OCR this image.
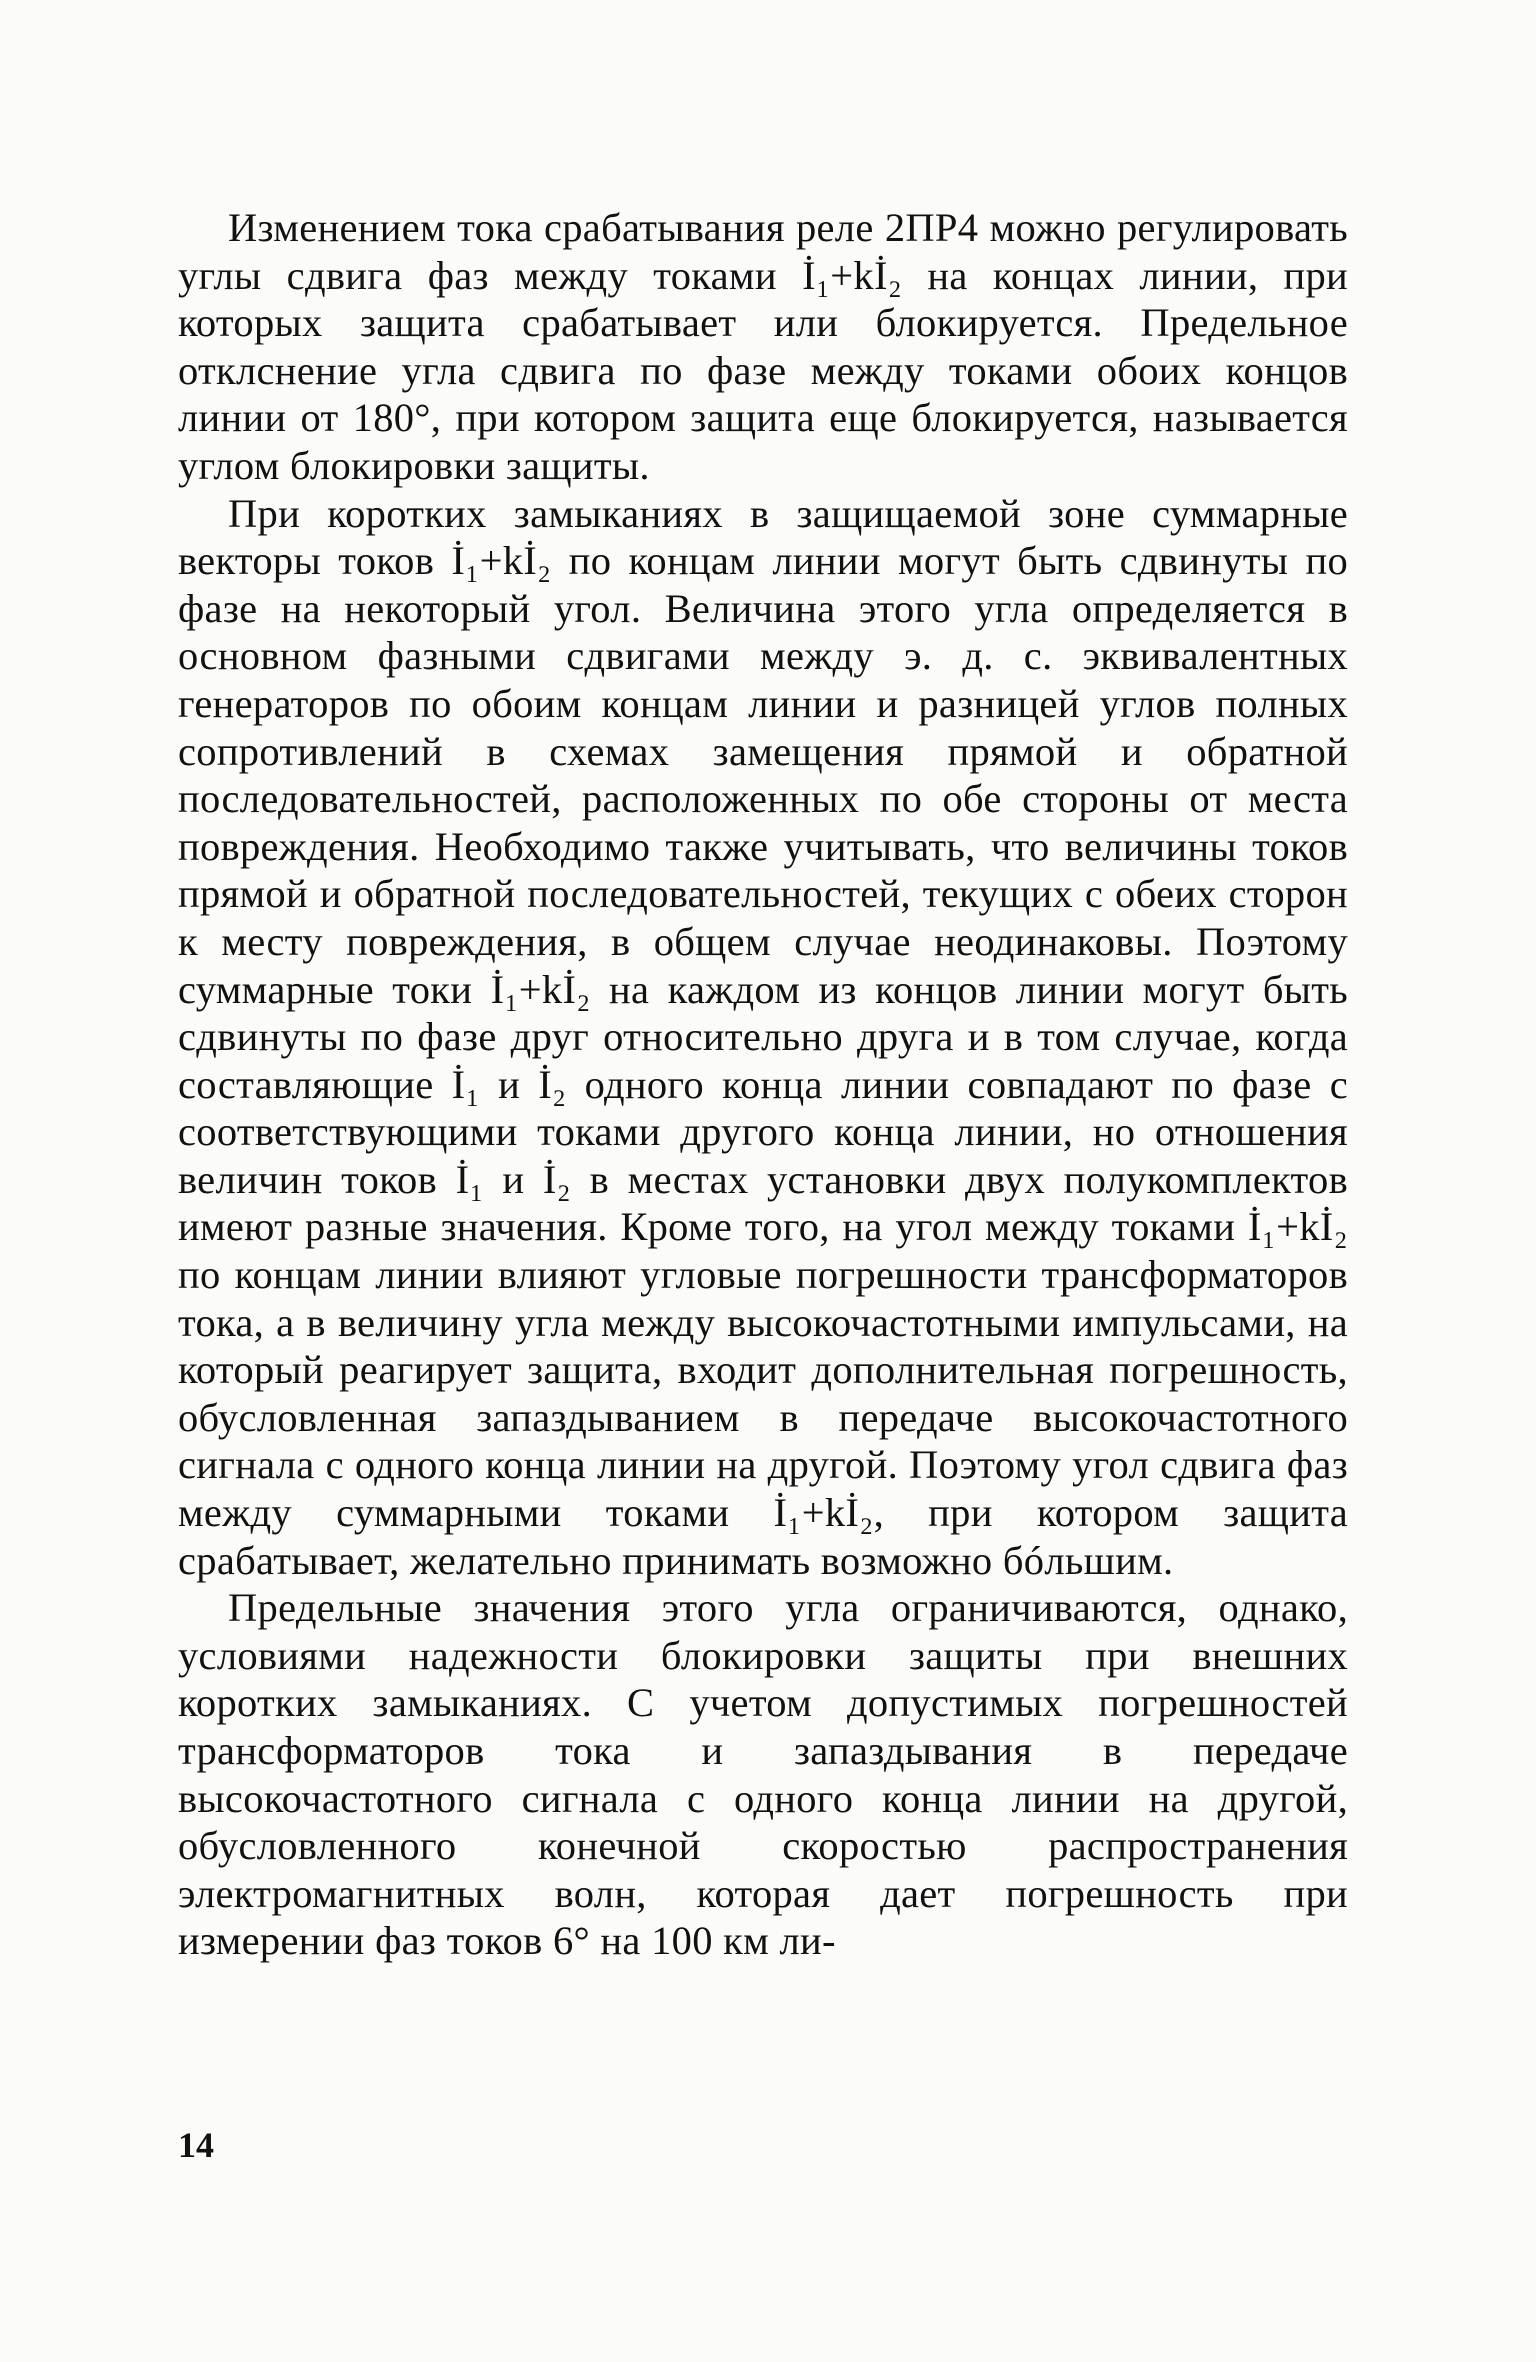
Изменением тока срабатывания реле 2ПР4 можно регулировать углы сдвига фаз между токами İ₁+kİ₂ на концах линии, при которых защита срабатывает или блокируется. Предельное отклснение угла сдвига по фазе между токами обоих концов линии от 180°, при котором защита еще блокируется, называется углом блокировки защиты.

При коротких замыканиях в защищаемой зоне суммарные векторы токов İ₁+kİ₂ по концам линии могут быть сдвинуты по фазе на некоторый угол. Величина этого угла определяется в основном фазными сдвигами между э. д. с. эквивалентных генераторов по обоим концам линии и разницей углов полных сопротивлений в схемах замещения прямой и обратной последовательностей, расположенных по обе стороны от места повреждения. Необходимо также учитывать, что величины токов прямой и обратной последовательностей, текущих с обеих сторон к месту повреждения, в общем случае неодинаковы. Поэтому суммарные токи İ₁+kİ₂ на каждом из концов линии могут быть сдвинуты по фазе друг относительно друга и в том случае, когда составляющие İ₁ и İ₂ одного конца линии совпадают по фазе с соответствующими токами другого конца линии, но отношения величин токов İ₁ и İ₂ в местах установки двух полукомплектов имеют разные значения. Кроме того, на угол между токами İ₁+kİ₂ по концам линии влияют угловые погрешности трансформаторов тока, а в величину угла между высокочастотными импульсами, на который реагирует защита, входит дополнительная погрешность, обусловленная запаздыванием в передаче высокочастотного сигнала с одного конца линии на другой. Поэтому угол сдвига фаз между суммарными токами İ₁+kİ₂, при котором защита срабатывает, желательно принимать возможно бóльшим.

Предельные значения этого угла ограничиваются, однако, условиями надежности блокировки защиты при внешних коротких замыканиях. С учетом допустимых погрешностей трансформаторов тока и запаздывания в передаче высокочастотного сигнала с одного конца линии на другой, обусловленного конечной скоростью распространения электромагнитных волн, которая дает погрешность при измерении фаз токов 6° на 100 км ли-

14
